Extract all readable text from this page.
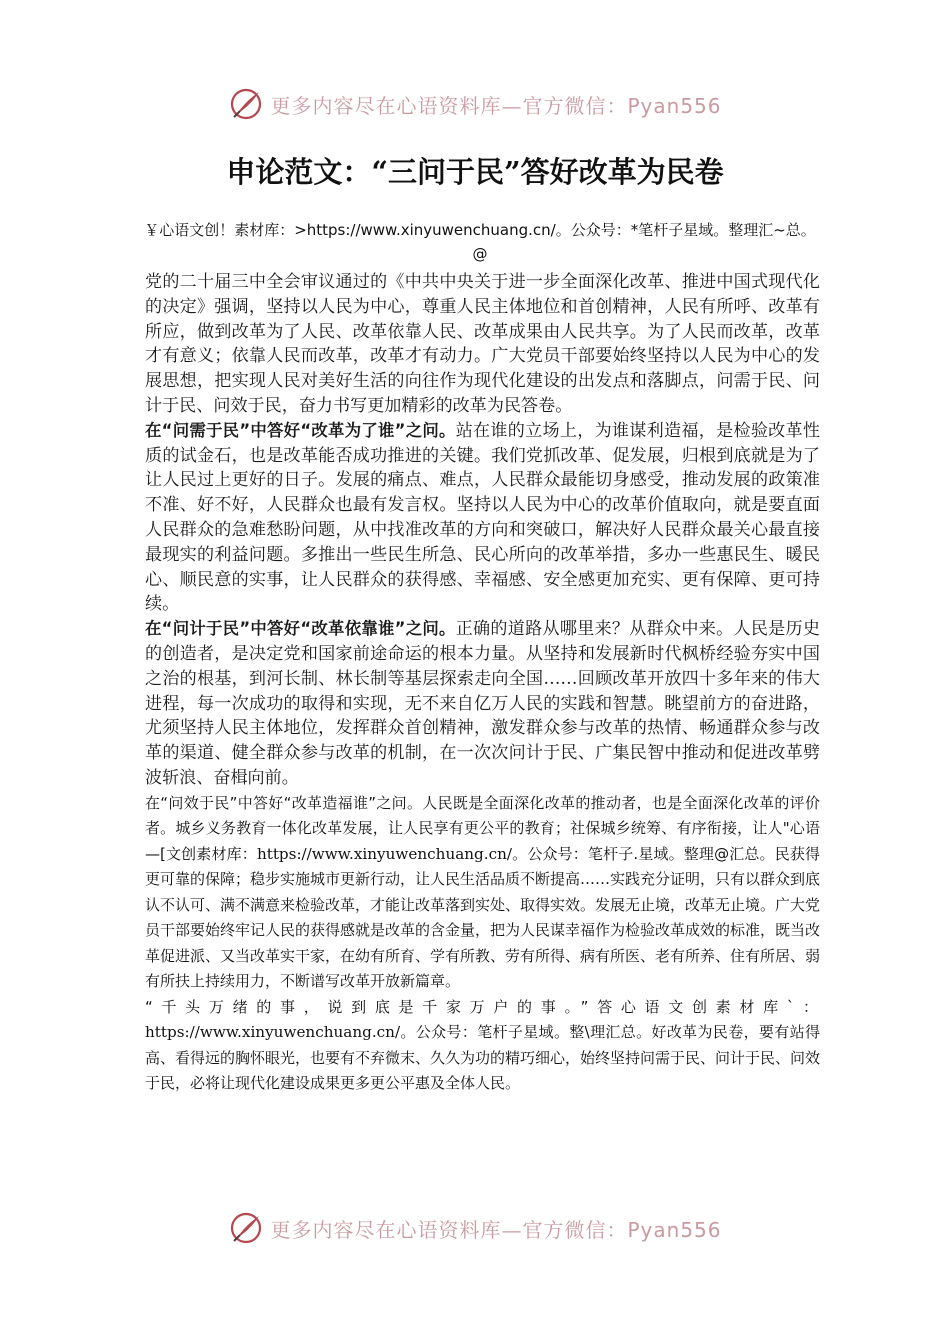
更多内容尽在心语资料库—官方微信：Pyan556
申论范文：“三问于民”答好改革为民卷
￥心语文创！素材库：>https://www.xinyuwenchuang.cn/。公众号：*笔杆子星域。整理汇~总。@

党的二十届三中全会审议通过的《中共中央关于进一步全面深化改革、推进中国式现代化的决定》强调，坚持以人民为中心，尊重人民主体地位和首创精神，人民有所呼、改革有所应，做到改革为了人民、改革依靠人民、改革成果由人民共享。为了人民而改革，改革才有意义；依靠人民而改革，改革才有动力。广大党员干部要始终坚持以人民为中心的发展思想，把实现人民对美好生活的向往作为现代化建设的出发点和落脚点，问需于民、问计于民、问效于民，奋力书写更加精彩的改革为民答卷。

在“问需于民”中答好“改革为了谁”之问。站在谁的立场上，为谁谋利造福，是检验改革性质的试金石，也是改革能否成功推进的关键。我们党抓改革、促发展，归根到底就是为了让人民过上更好的日子。发展的痛点、难点，人民群众最能切身感受，推动发展的政策准不准、好不好，人民群众也最有发言权。坚持以人民为中心的改革价值取向，就是要直面人民群众的急难愁盼问题，从中找准改革的方向和突破口，解决好人民群众最关心最直接最现实的利益问题。多推出一些民生所急、民心所向的改革举措，多办一些惠民生、暖民心、顺民意的实事，让人民群众的获得感、幸福感、安全感更加充实、更有保障、更可持续。

在“问计于民”中答好“改革依靠谁”之问。正确的道路从哪里来？从群众中来。人民是历史的创造者，是决定党和国家前途命运的根本力量。从坚持和发展新时代枫桥经验夯实中国之治的根基，到河长制、林长制等基层探索走向全国……回顾改革开放四十多年来的伟大进程，每一次成功的取得和实现，无不来自亿万人民的实践和智慧。眺望前方的奋进路，尤须坚持人民主体地位，发挥群众首创精神，激发群众参与改革的热情、畅通群众参与改革的渠道、健全群众参与改革的机制，在一次次问计于民、广集民智中推动和促进改革劈波斩浪、奋楫向前。

在“问效于民”中答好“改革造福谁”之问。人民既是全面深化改革的推动者，也是全面深化改革的评价者。城乡义务教育一体化改革发展，让人民享有更公平的教育；社保城乡统筹、有序衔接，让人"心语—[文创素材库：https://www.xinyuwenchuang.cn/。公众号：笔杆子.星域。整理@汇总。民获得更可靠的保障；稳步实施城市更新行动，让人民生活品质不断提高……实践充分证明，只有以群众到底认不认可、满不满意来检验改革，才能让改革落到实处、取得实效。发展无止境，改革无止境。广大党员干部要始终牢记人民的获得感就是改革的含金量，把为人民谋幸福作为检验改革成效的标准，既当改革促进派、又当改革实干家，在幼有所育、学有所教、劳有所得、病有所医、老有所养、住有所居、弱有所扶上持续用力，不断谱写改革开放新篇章。

“千头万绪的事，说到底是千家万户的事。”答心语文创素材库`：https://www.xinyuwenchuang.cn/。公众号：笔杆子星域。整\理汇总。好改革为民卷，要有站得高、看得远的胸怀眼光，也要有不弃微末、久久为功的精巧细心，始终坚持问需于民、问计于民、问效于民，必将让现代化建设成果更多更公平惠及全体人民。

更多内容尽在心语资料库—官方微信：Pyan556
